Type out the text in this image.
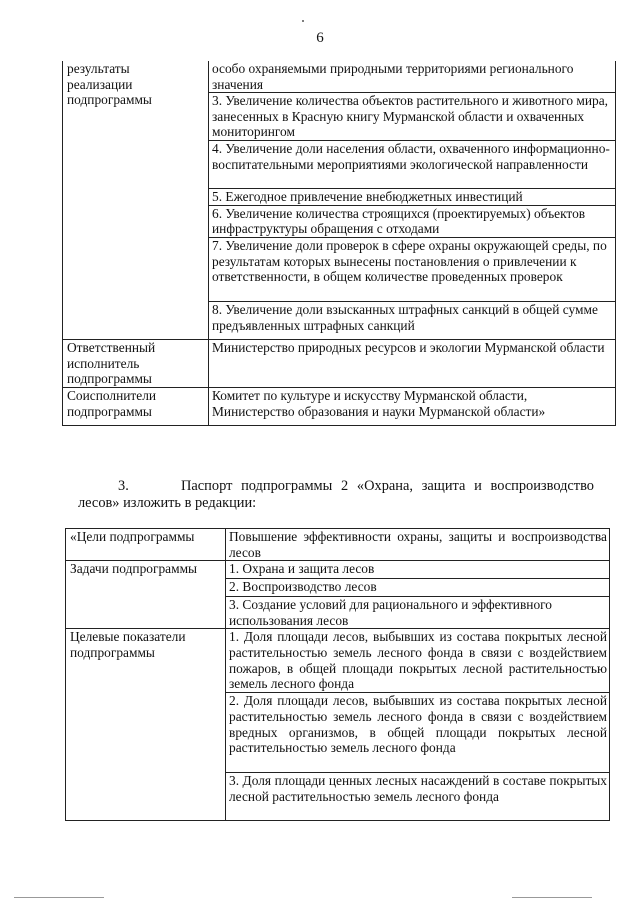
6
результаты
реализации
подпрограммы	особо охраняемыми природными территориями регионального значения
	3. Увеличение количества объектов растительного и животного мира, занесенных в Красную книгу Мурманской области и охваченных мониторингом
	4. Увеличение доли населения области, охваченного информационно-воспитательными мероприятиями экологической направленности
	5. Ежегодное привлечение внебюджетных инвестиций
	6. Увеличение количества строящихся (проектируемых) объектов инфраструктуры обращения с отходами
	7. Увеличение доли проверок в сфере охраны окружающей среды, по результатам которых вынесены постановления о привлечении к ответственности, в общем количестве проведенных проверок
	8. Увеличение доли взысканных штрафных санкций в общей сумме предъявленных штрафных санкций
Ответственный исполнитель подпрограммы	Министерство природных ресурсов и экологии Мурманской области
Соисполнители подпрограммы	Комитет по культуре и искусству Мурманской области, Министерство образования и науки Мурманской области»
3.      Паспорт подпрограммы 2 «Охрана, защита и воспроизводство
лесов» изложить в редакции:
«Цели подпрограммы	Повышение эффективности охраны, защиты и воспроизводства лесов
Задачи подпрограммы	1. Охрана и защита лесов
	2. Воспроизводство лесов
	3. Создание условий для рационального и эффективного использования лесов
Целевые показатели подпрограммы	1. Доля площади лесов, выбывших из состава покрытых лесной растительностью земель лесного фонда в связи с воздействием пожаров, в общей площади покрытых лесной растительностью земель лесного фонда
	2. Доля площади лесов, выбывших из состава покрытых лесной растительностью земель лесного фонда в связи с воздействием вредных организмов, в общей площади покрытых лесной растительностью земель лесного фонда
	3. Доля площади ценных лесных насаждений в составе покрытых лесной растительностью земель лесного фонда
